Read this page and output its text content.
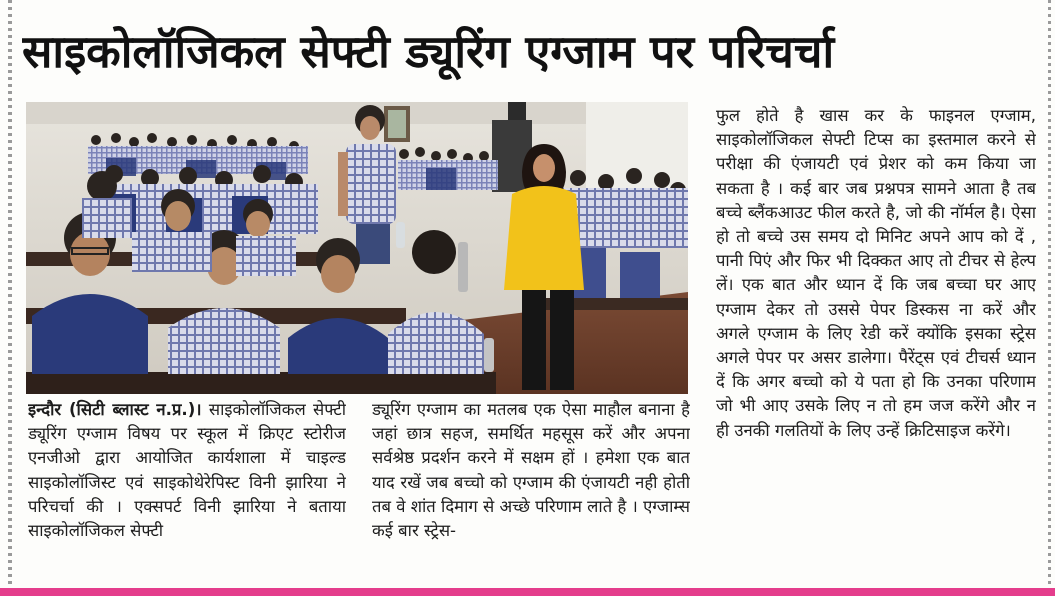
साइकोलॉजिकल सेफ्टी ड्यूरिंग एग्जाम पर परिचर्चा

इन्दौर (सिटी ब्लास्ट न.प्र.)। साइकोलॉजिकल सेफ्टी ड्यूरिंग एग्जाम विषय पर स्कूल में क्रिएट स्टोरीज एनजीओ द्वारा आयोजित कार्यशाला में चाइल्ड साइकोलॉजिस्ट एवं साइकोथेरेपिस्ट विनी झारिया ने परिचर्चा की । एक्सपर्ट विनी झारिया ने बताया साइकोलॉजिकल सेफ्टी

ड्यूरिंग एग्जाम का मतलब एक ऐसा माहौल बनाना है जहां छात्र सहज, समर्थित महसूस करें और अपना सर्वश्रेष्ठ प्रदर्शन करने में सक्षम हों । हमेशा एक बात याद रखें जब बच्चो को एग्जाम की एंजायटी नही होती तब वे शांत दिमाग से अच्छे परिणाम लाते है । एग्जाम्स कई बार स्ट्रेस-

फुल होते है खास कर के फाइनल एग्जाम, साइकोलॉजिकल सेफ्टी टिप्स का इस्तमाल करने से परीक्षा की एंजायटी एवं प्रेशर को कम किया जा सकता है । कई बार जब प्रश्नपत्र सामने आता है तब बच्चे ब्लैंकआउट फील करते है, जो की नॉर्मल है। ऐसा हो तो बच्चे उस समय दो मिनिट अपने आप को दें , पानी पिएं और फिर भी दिक्कत आए तो टीचर से हेल्प लें। एक बात और ध्यान दें कि जब बच्चा घर आए एग्जाम देकर तो उससे पेपर डिस्कस ना करें और अगले एग्जाम के लिए रेडी करें क्योंकि इसका स्ट्रेस अगले पेपर पर असर डालेगा। पैरेंट्स एवं टीचर्स ध्यान दें कि अगर बच्चो को ये पता हो कि उनका परिणाम जो भी आए उसके लिए न तो हम जज करेंगे और न ही उनकी गलतियों के लिए उन्हें क्रिटिसाइज करेंगे।
